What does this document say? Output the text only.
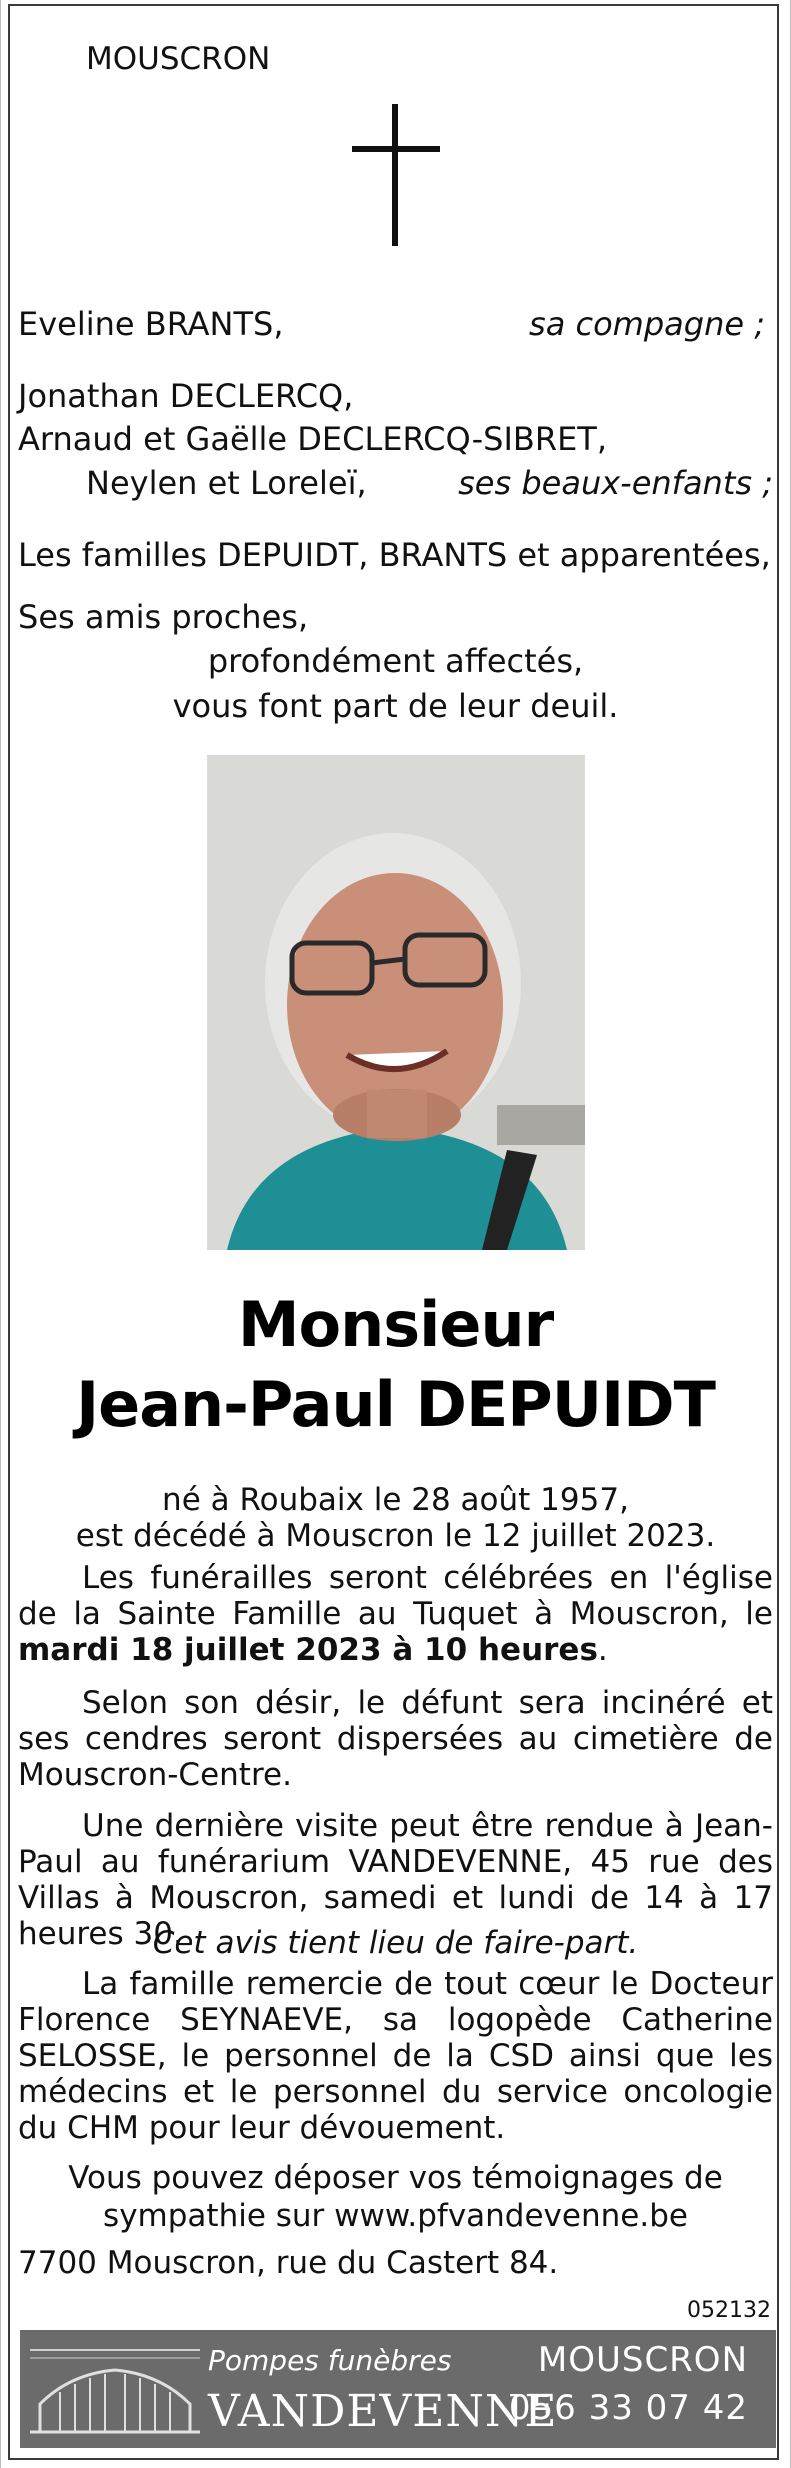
MOUSCRON
Eveline BRANTS,	sa compagne ;
Jonathan DECLERCQ,
Arnaud et Gaëlle DECLERCQ-SIBRET,
Neylen et Loreleï,	ses beaux-enfants ;
Les familles DEPUIDT, BRANTS et apparentées,
Ses amis proches,
profondément affectés,
vous font part de leur deuil.
Monsieur
Jean-Paul DEPUIDT
né à Roubaix le 28 août 1957,
est décédé à Mouscron le 12 juillet 2023.
Les funérailles seront célébrées en l'église de la Sainte Famille au Tuquet à Mouscron, le mardi 18 juillet 2023 à 10 heures.
Selon son désir, le défunt sera incinéré et ses cendres seront dispersées au cimetière de Mouscron-Centre.
Une dernière visite peut être rendue à Jean-Paul au funérarium VANDEVENNE, 45 rue des Villas à Mouscron, samedi et lundi de 14 à 17 heures 30.
Cet avis tient lieu de faire-part.
La famille remercie de tout cœur le Docteur Florence SEYNAEVE, sa logopède Catherine SELOSSE, le personnel de la CSD ainsi que les médecins et le personnel du service oncologie du CHM pour leur dévouement.
Vous pouvez déposer vos témoignages de
sympathie sur www.pfvandevenne.be
7700 Mouscron, rue du Castert 84.
052132
Pompes funèbres
VANDEVENNE
MOUSCRON
056 33 07 42
